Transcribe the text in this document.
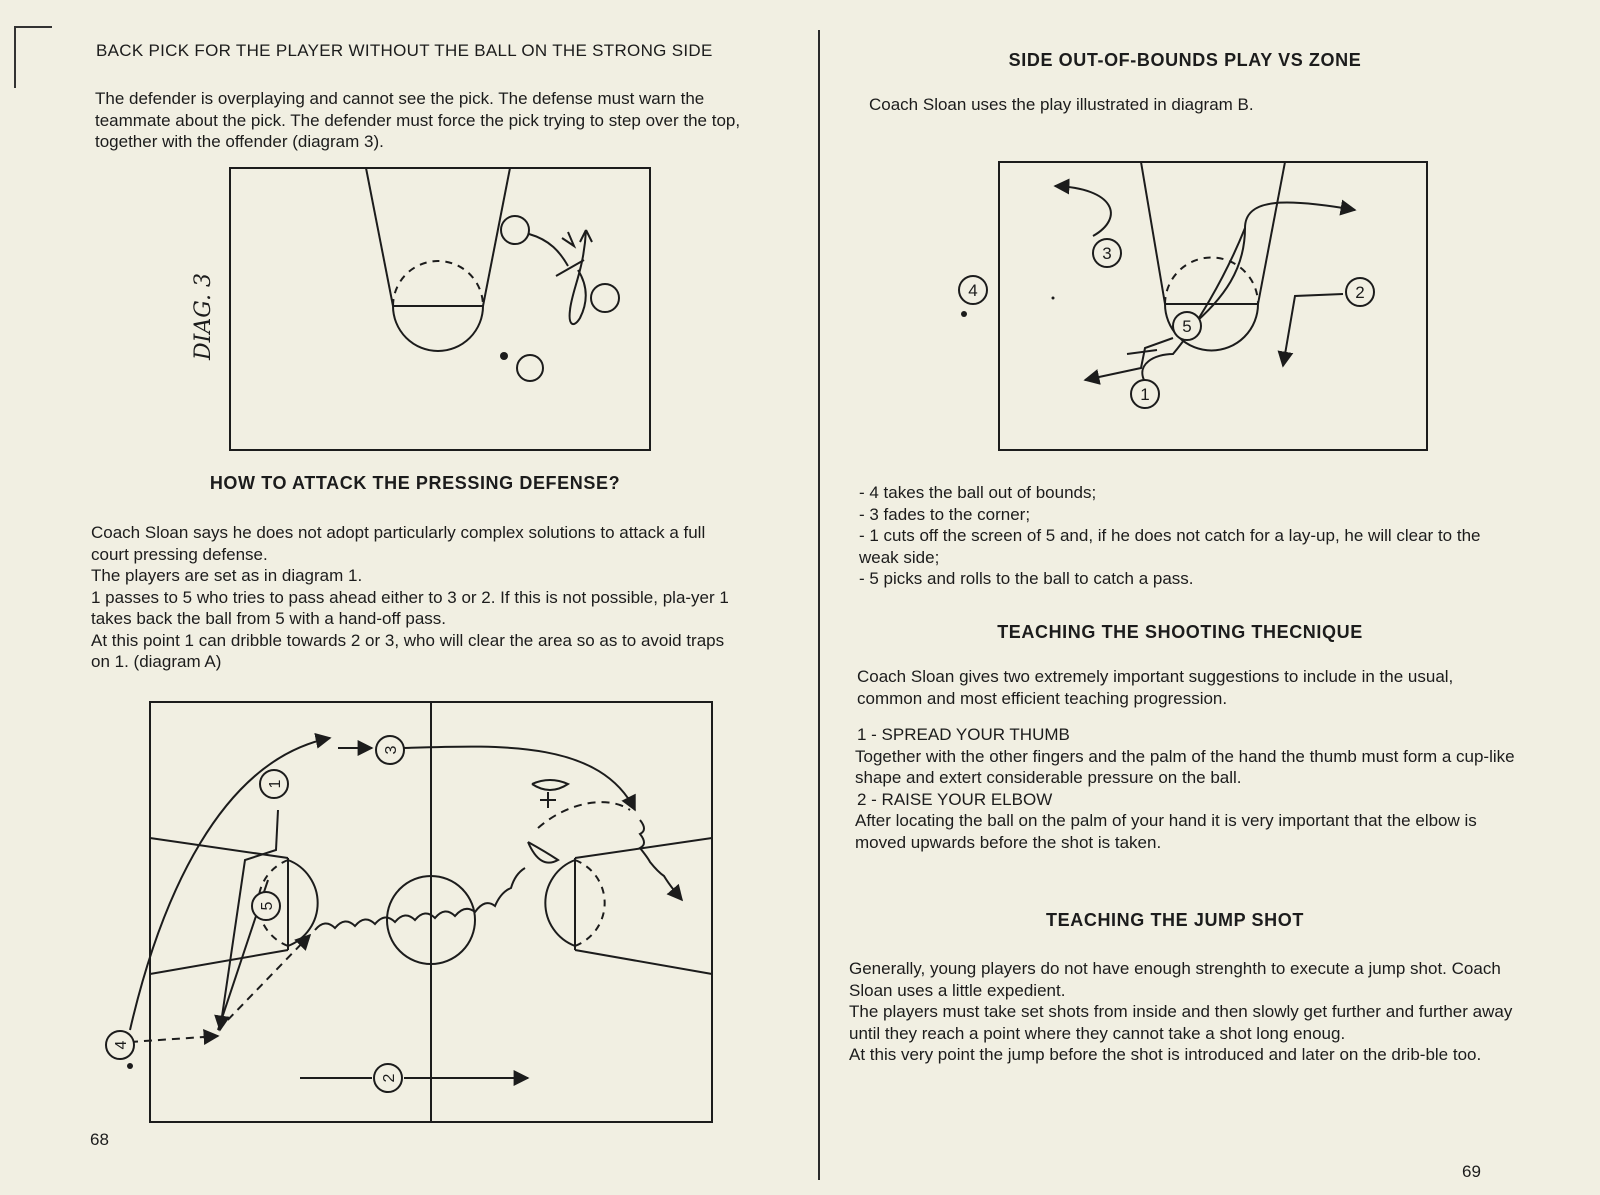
BACK PICK FOR THE PLAYER WITHOUT THE BALL ON THE STRONG SIDE

The defender is overplaying and cannot see the pick. The defense must warn the teammate about the pick. The defender must force the pick trying to step over the top, together with the offender (diagram 3).

DIAG. 3

HOW TO ATTACK THE PRESSING DEFENSE?

Coach Sloan says he does not adopt particularly complex solutions to attack a full court pressing defense.

The players are set as in diagram 1.

1 passes to 5 who tries to pass ahead either to 3 or 2. If this is not possible, pla-yer 1 takes back the ball from 5 with a hand-off pass.

At this point 1 can dribble towards 2 or 3, who will clear the area so as to avoid traps on 1. (diagram A)

1
2
3
4
5
68

SIDE OUT-OF-BOUNDS PLAY VS ZONE

Coach Sloan uses the play illustrated in diagram B.

1
2
3
4
5

- 4 takes the ball out of bounds;

- 3 fades to the corner;

- 1 cuts off the screen of 5 and, if he does not catch for a lay-up, he will clear to the weak side;

- 5 picks and rolls to the ball to catch a pass.

TEACHING THE SHOOTING THECNIQUE

Coach Sloan gives two extremely important suggestions to include in the usual, common and most efficient teaching progression.

1 - SPREAD YOUR THUMB

Together with the other fingers and the palm of the hand the thumb must form a cup-like shape and extert considerable pressure on the ball.

2 - RAISE YOUR ELBOW

After locating the ball on the palm of your hand it is very important that the elbow is moved upwards before the shot is taken.

TEACHING THE JUMP SHOT

Generally, young players do not have enough strenghth to execute a jump shot. Coach Sloan uses a little expedient.

The players must take set shots from inside and then slowly get further and further away until they reach a point where they cannot take a shot long enoug.

At this very point the jump before the shot is introduced and later on the drib-ble too.

69
